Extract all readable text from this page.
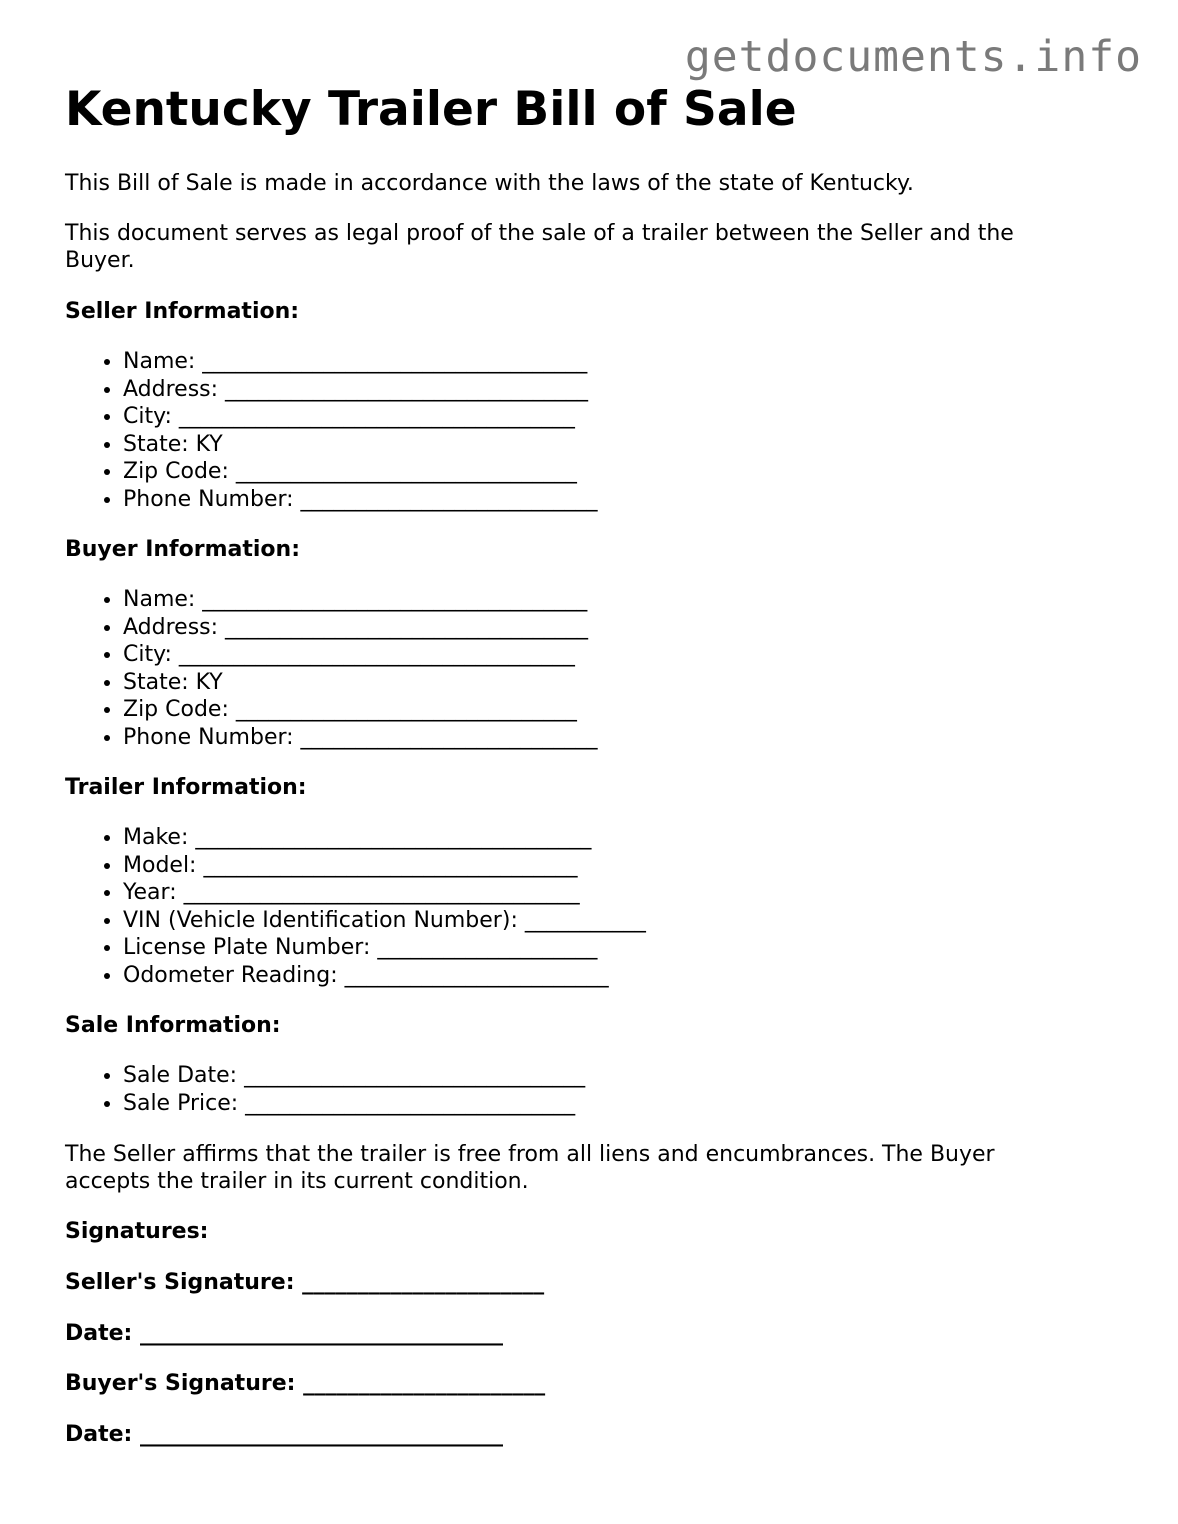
getdocuments.info
Kentucky Trailer Bill of Sale

This Bill of Sale is made in accordance with the laws of the state of Kentucky.

This document serves as legal proof of the sale of a trailer between the Seller and the Buyer.

Seller Information:

• Name: ___________________________________
• Address: _________________________________
• City: ____________________________________
• State: KY
• Zip Code: _______________________________
• Phone Number: ___________________________

Buyer Information:

• Name: ___________________________________
• Address: _________________________________
• City: ____________________________________
• State: KY
• Zip Code: _______________________________
• Phone Number: ___________________________

Trailer Information:

• Make: ____________________________________
• Model: __________________________________
• Year: ____________________________________
• VIN (Vehicle Identification Number): ___________
• License Plate Number: ____________________
• Odometer Reading: ________________________

Sale Information:

• Sale Date: _______________________________
• Sale Price: ______________________________

The Seller affirms that the trailer is free from all liens and encumbrances. The Buyer accepts the trailer in its current condition.

Signatures:

Seller's Signature: ______________________

Date: _________________________________

Buyer's Signature: ______________________

Date: _________________________________
